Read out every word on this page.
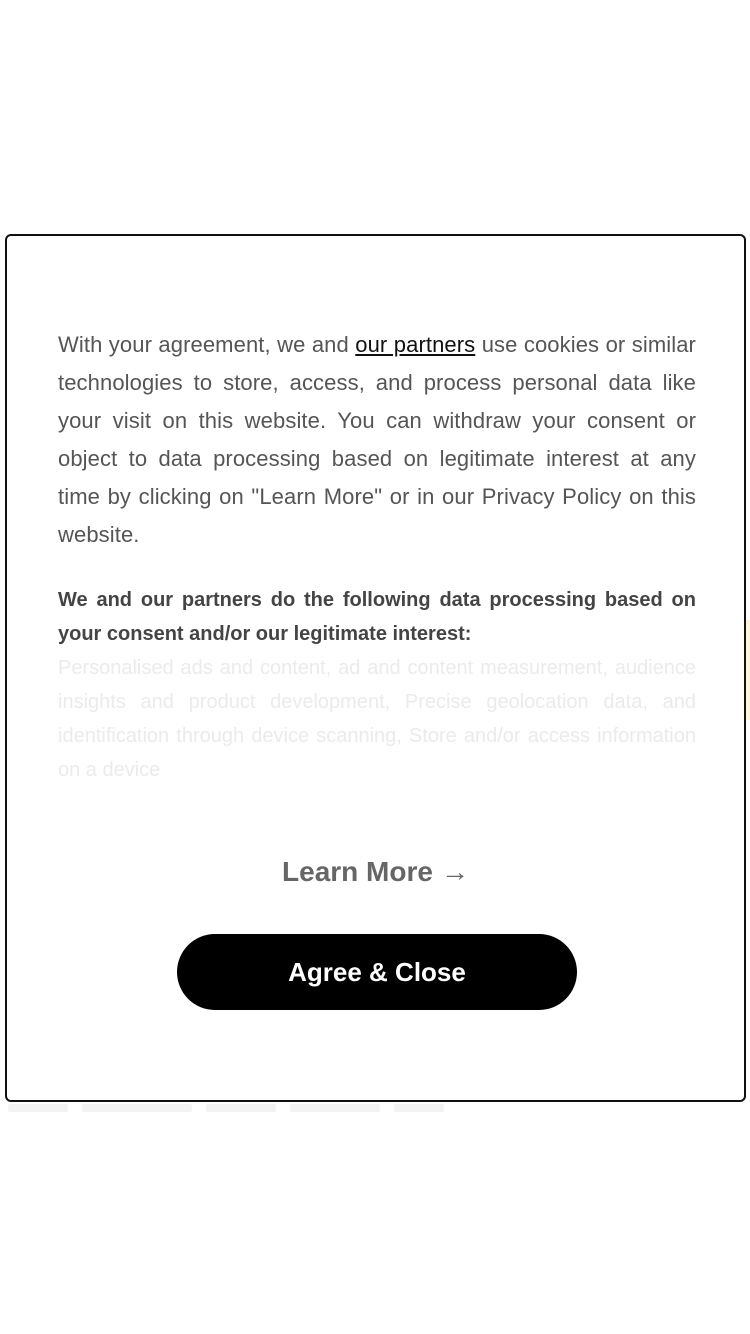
With your agreement, we and our partners use cookies or similar technologies to store, access, and process personal data like your visit on this website. You can withdraw your consent or object to data processing based on legitimate interest at any time by clicking on "Learn More" or in our Privacy Policy on this website.

We and our partners do the following data processing based on your consent and/or our legitimate interest:

Personalised ads and content, ad and content measurement, audience insights and product development, Precise geolocation data, and identification through device scanning, Store and/or access information on a device

Learn More →
Agree & Close
